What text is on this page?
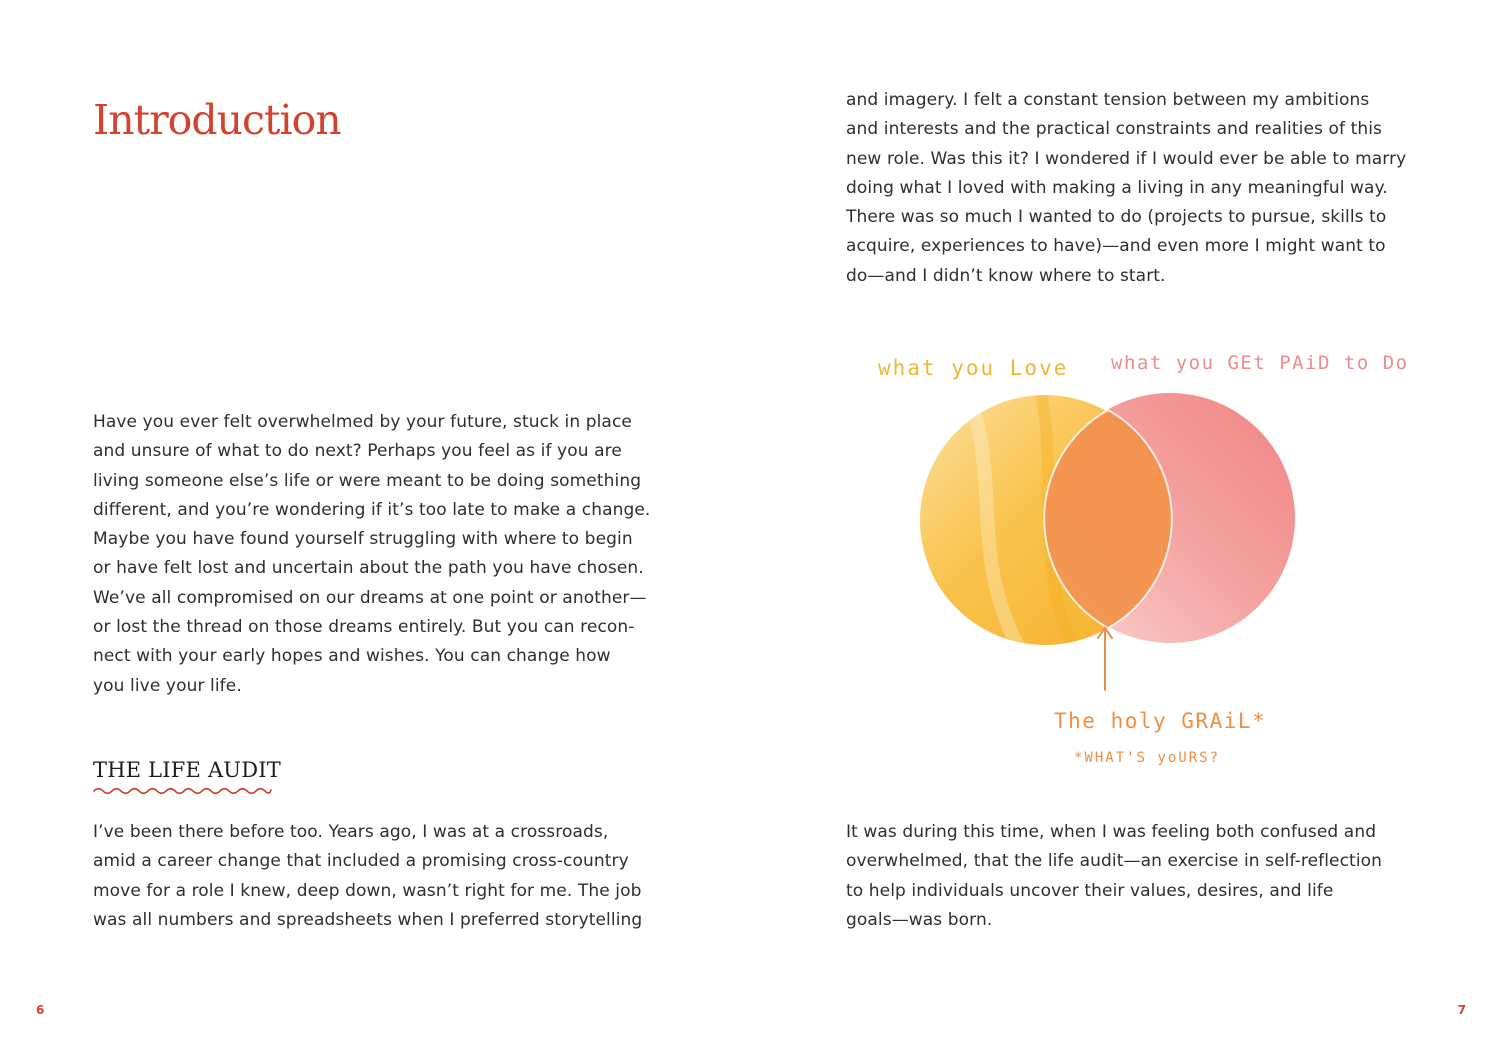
Introduction

Have you ever felt overwhelmed by your future, stuck in place
and unsure of what to do next? Perhaps you feel as if you are
living someone else’s life or were meant to be doing something
different, and you’re wondering if it’s too late to make a change.
Maybe you have found yourself struggling with where to begin
or have felt lost and uncertain about the path you have chosen.
We’ve all compromised on our dreams at one point or another—
or lost the thread on those dreams entirely. But you can recon-
nect with your early hopes and wishes. You can change how
you live your life.

THE LIFE AUDIT

I’ve been there before too. Years ago, I was at a crossroads,
amid a career change that included a promising cross-country
move for a role I knew, deep down, wasn’t right for me. The job
was all numbers and spreadsheets when I preferred storytelling

6

and imagery. I felt a constant tension between my ambitions
and interests and the practical constraints and realities of this
new role. Was this it? I wondered if I would ever be able to marry
doing what I loved with making a living in any meaningful way.
There was so much I wanted to do (projects to pursue, skills to
acquire, experiences to have)—and even more I might want to
do—and I didn’t know where to start.

what you Love what you GEt PAiD to Do
The holy GRAiL*
*WHAT'S yoURS?

It was during this time, when I was feeling both confused and
overwhelmed, that the life audit—an exercise in self-reflection
to help individuals uncover their values, desires, and life
goals—was born.

7
